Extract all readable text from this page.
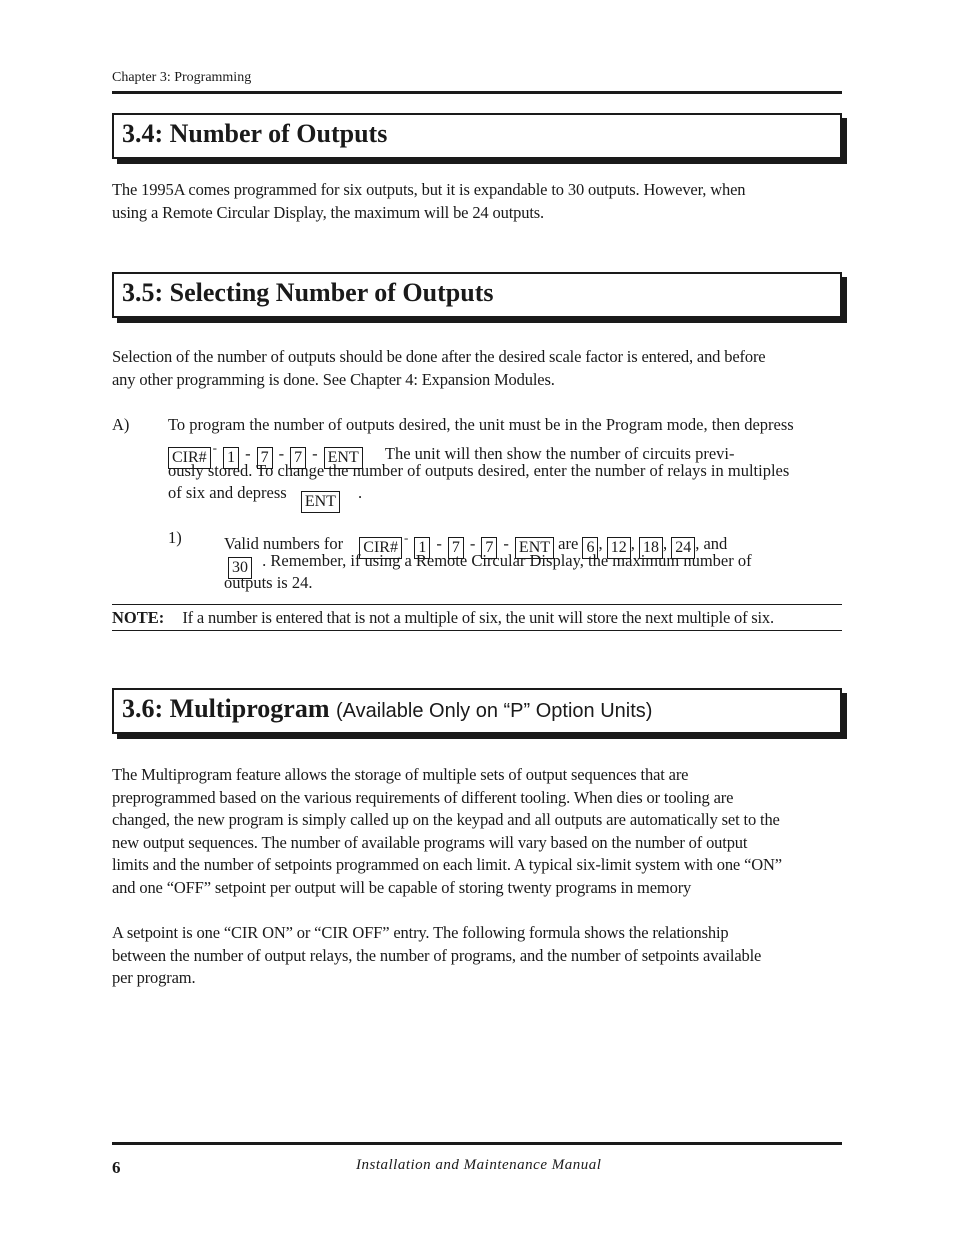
Chapter 3: Programming
3.4: Number of Outputs

The 1995A comes programmed for six outputs, but it is expandable to 30 outputs. However, when

using a Remote Circular Display, the maximum will be 24 outputs.

3.5: Selecting Number of Outputs

Selection of the number of outputs should be done after the desired scale factor is entered, and before

any other programming is done. See Chapter 4: Expansion Modules.

A) To program the number of outputs desired, the unit must be in the Program mode, then depress
CIR#- 1 - 7 - 7 - ENT The unit will then show the number of circuits previ-
ously stored. To change the number of outputs desired, enter the number of relays in multiples
of six and depress ENT .
1)	Valid numbers for CIR#- 1 - 7 - 7 - ENT are 6 , 12 , 18 , 24 , and
30 . Remember, if using a Remote Circular Display, the maximum number of
outputs is 24.
NOTE: If a number is entered that is not a multiple of six, the unit will store the next multiple of six.
3.6: Multiprogram (Available Only on “P” Option Units)

The Multiprogram feature allows the storage of multiple sets of output sequences that are

preprogrammed based on the various requirements of different tooling. When dies or tooling are

changed, the new program is simply called up on the keypad and all outputs are automatically set to the

new output sequences. The number of available programs will vary based on the number of output

limits and the number of setpoints programmed on each limit. A typical six-limit system with one “ON”

and one “OFF” setpoint per output will be capable of storing twenty programs in memory

A setpoint is one “CIR ON” or “CIR OFF” entry. The following formula shows the relationship

between the number of output relays, the number of programs, and the number of setpoints available

per program.

6	Installation and Maintenance Manual
